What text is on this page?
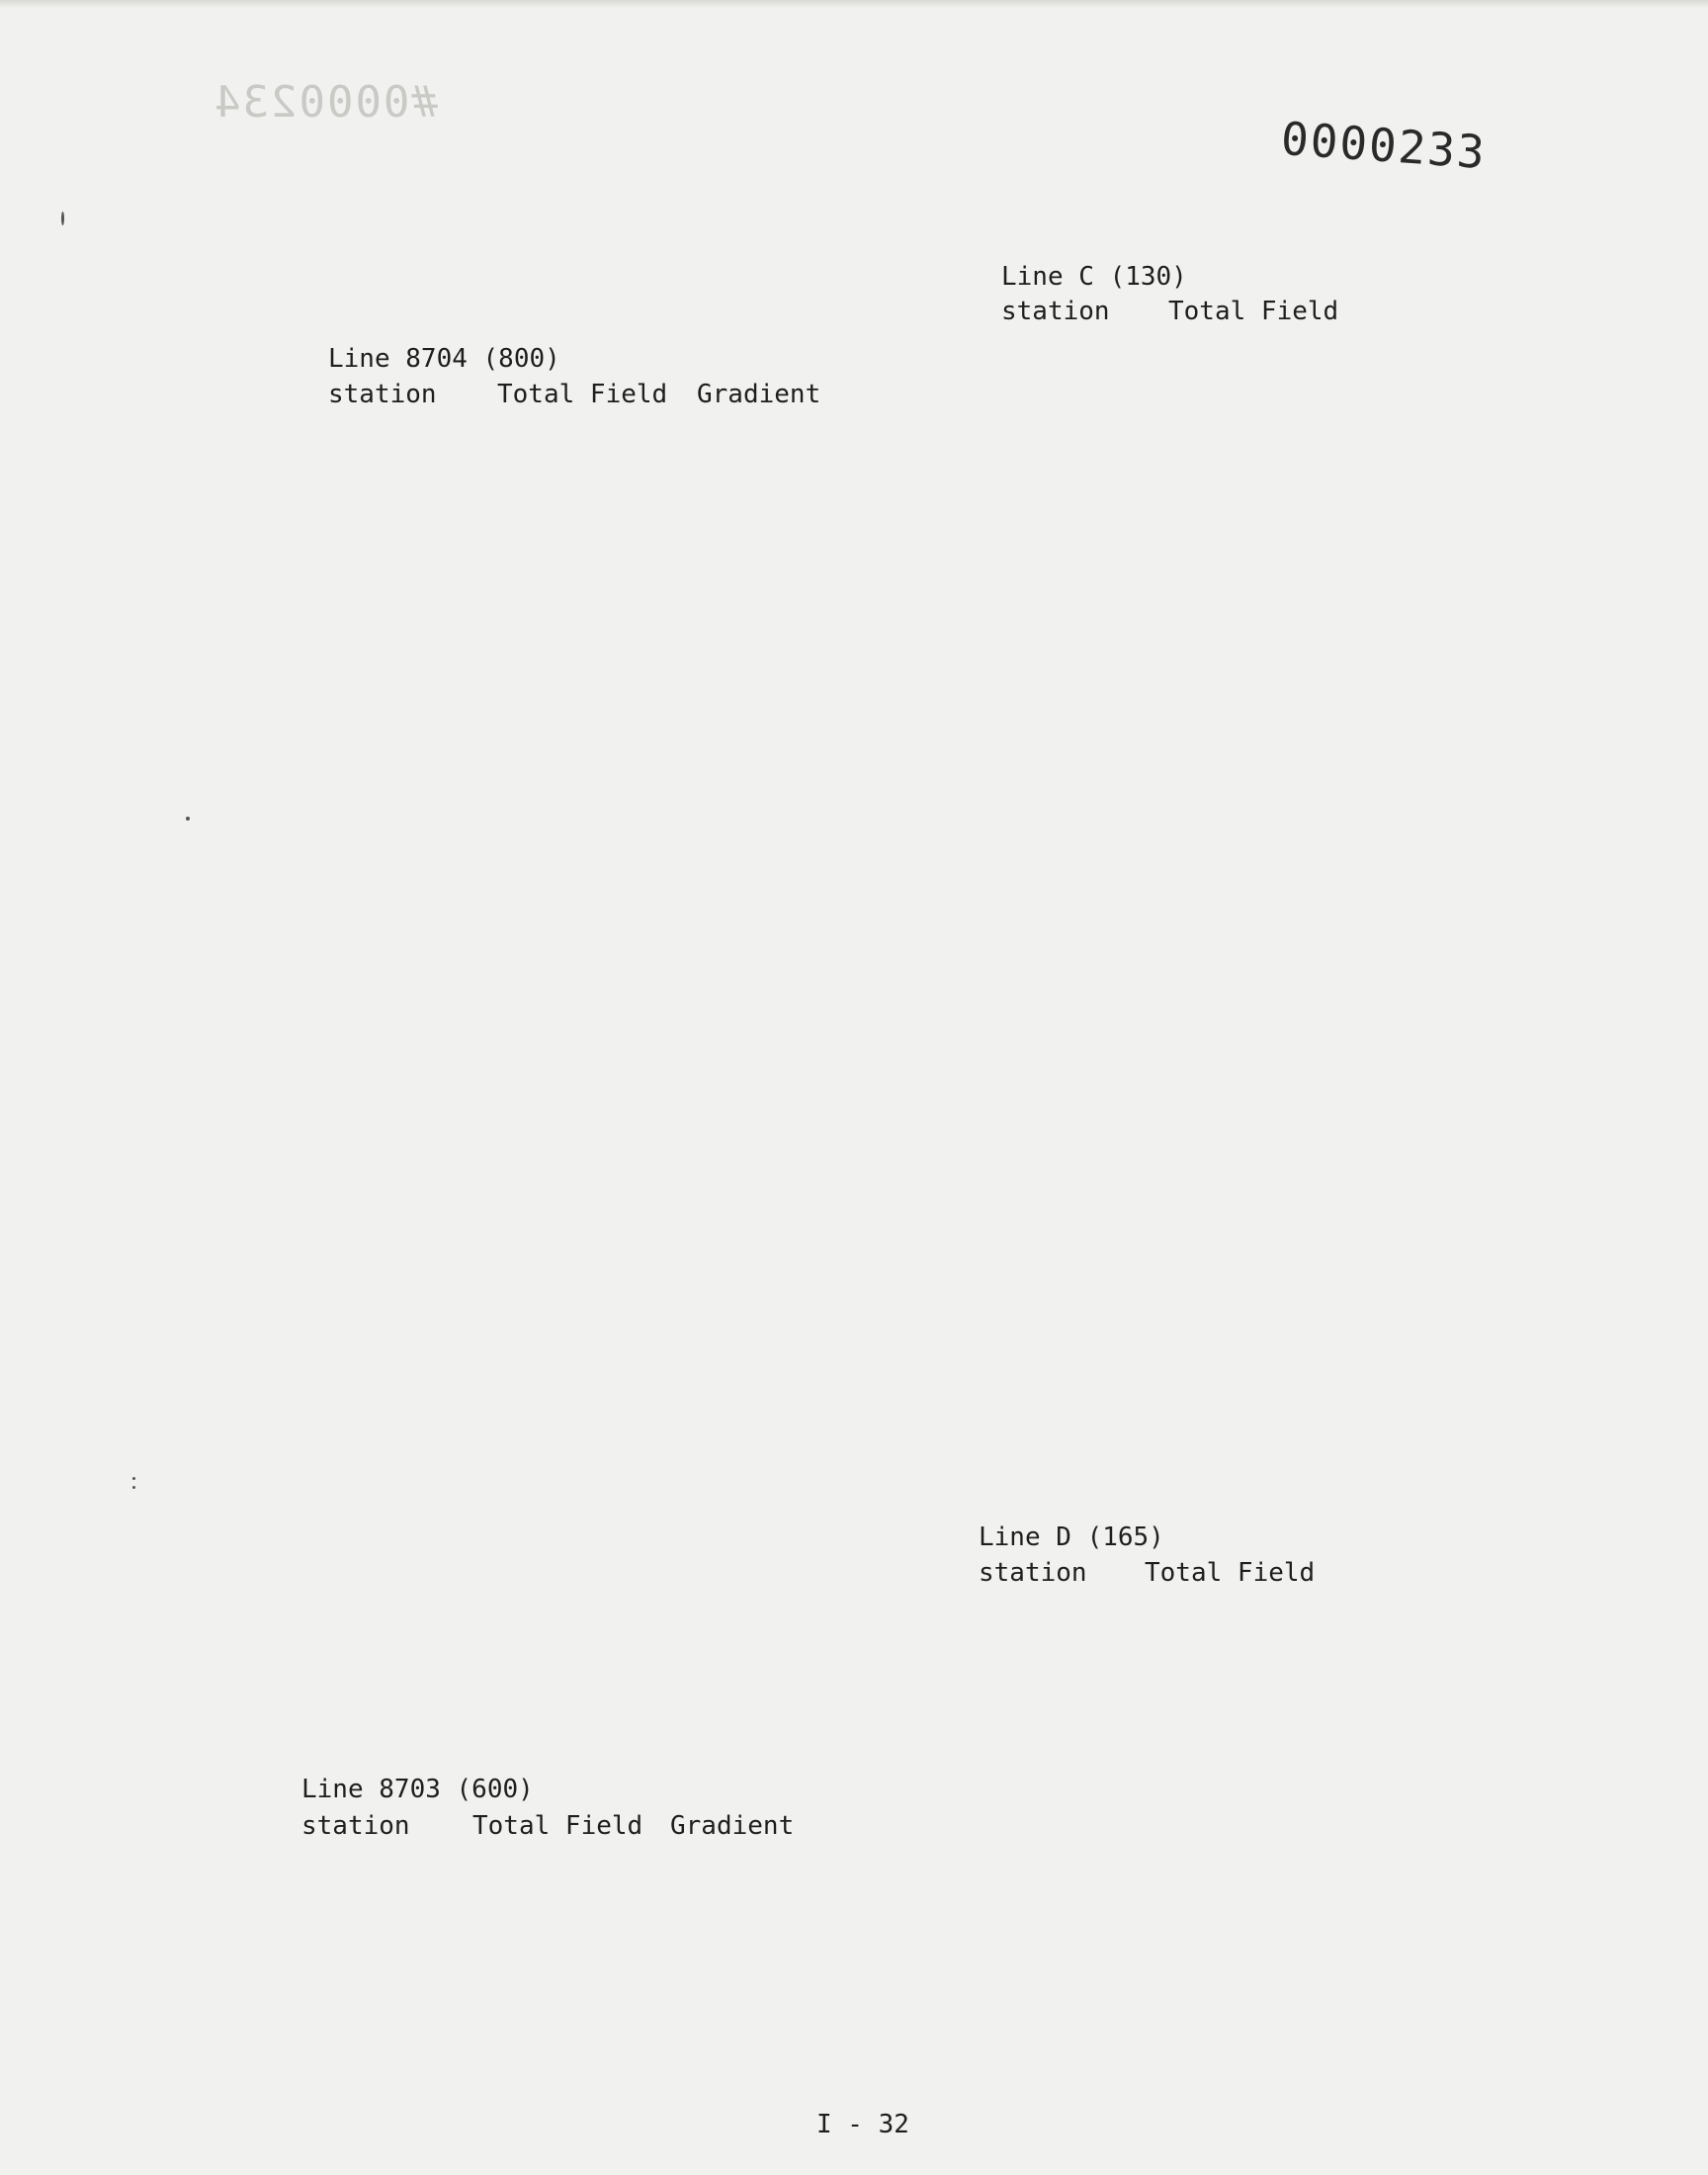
#0000234
0000233
Line 8704 (800)
station Total Field Gradient
Line 8703 (600)
station Total Field Gradient
Line C (130)
station Total Field
Line D (165)
station Total Field
I - 32
